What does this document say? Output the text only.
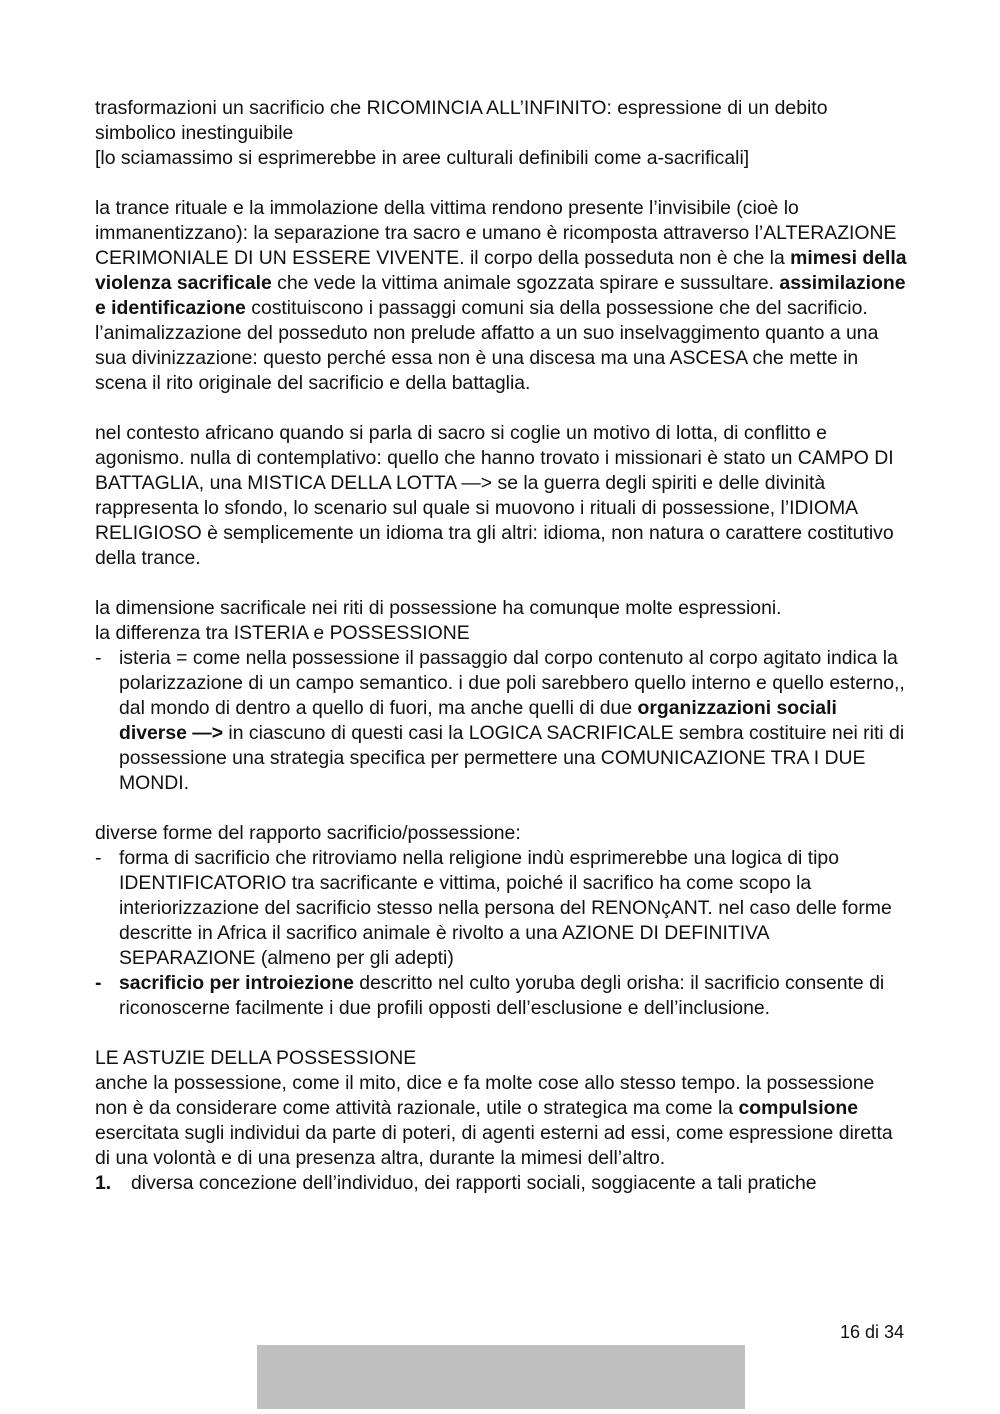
trasformazioni un sacrificio che RICOMINCIA ALL’INFINITO: espressione di un debito simbolico inestinguibile
[lo sciamassimo si esprimerebbe in aree culturali definibili come a-sacrificali]

la trance rituale e la immolazione della vittima rendono presente l’invisibile (cioè lo immanentizzano): la separazione tra sacro e umano è ricomposta attraverso l’ALTERAZIONE CERIMONIALE DI UN ESSERE VIVENTE. il corpo della posseduta non è che la mimesi della violenza sacrificale che vede la vittima animale sgozzata spirare e sussultare. assimilazione e identificazione costituiscono i passaggi comuni sia della possessione che del sacrificio. l’animalizzazione del posseduto non prelude affatto a un suo inselvaggimento quanto a una sua divinizzazione: questo perché essa non è una discesa ma una ASCESA che mette in scena il rito originale del sacrificio e della battaglia.

nel contesto africano quando si parla di sacro si coglie un motivo di lotta, di conflitto e agonismo. nulla di contemplativo: quello che hanno trovato i missionari è stato un CAMPO DI BATTAGLIA, una MISTICA DELLA LOTTA —> se la guerra degli spiriti e delle divinità rappresenta lo sfondo, lo scenario sul quale si muovono i rituali di possessione, l’IDIOMA RELIGIOSO è semplicemente un idioma tra gli altri: idioma, non natura o carattere costitutivo della trance.

la dimensione sacrificale nei riti di possessione ha comunque molte espressioni.

la differenza tra ISTERIA e POSSESSIONE

- isteria = come nella possessione il passaggio dal corpo contenuto al corpo agitato indica la polarizzazione di un campo semantico. i due poli sarebbero quello interno e quello esterno,, dal mondo di dentro a quello di fuori, ma anche quelli di due organizzazioni sociali diverse —> in ciascuno di questi casi la LOGICA SACRIFICALE sembra costituire nei riti di possessione una strategia specifica per permettere una COMUNICAZIONE TRA I DUE MONDI.

diverse forme del rapporto sacrificio/possessione:

- forma di sacrificio che ritroviamo nella religione indù esprimerebbe una logica di tipo IDENTIFICATORIO tra sacrificante e vittima, poiché il sacrifico ha come scopo la interiorizzazione del sacrificio stesso nella persona del RENONçANT. nel caso delle forme descritte in Africa il sacrifico animale è rivolto a una AZIONE DI DEFINITIVA SEPARAZIONE (almeno per gli adepti)
- sacrificio per introiezione descritto nel culto yoruba degli orisha: il sacrificio consente di riconoscerne facilmente i due profili opposti dell’esclusione e dell’inclusione.

LE ASTUZIE DELLA POSSESSIONE

anche la possessione, come il mito, dice e fa molte cose allo stesso tempo. la possessione non è da considerare come attività razionale, utile o strategica ma come la compulsione esercitata sugli individui da parte di poteri, di agenti esterni ad essi, come espressione diretta di una volontà e di una presenza altra, durante la mimesi dell’altro.

1. diversa concezione dell’individuo, dei rapporti sociali, soggiacente a tali pratiche
16 di 34
